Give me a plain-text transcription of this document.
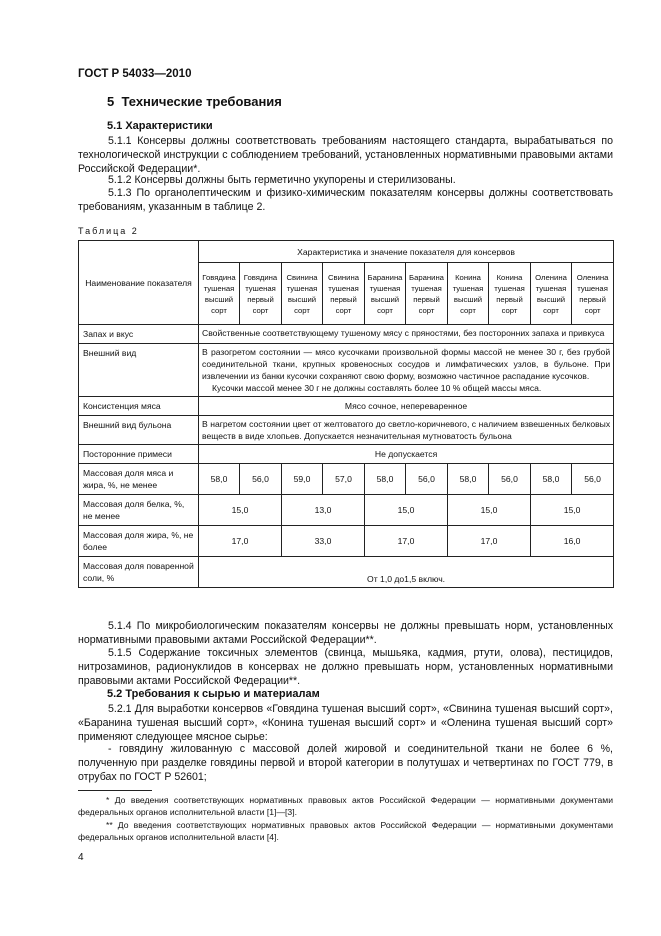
ГОСТ Р 54033—2010
5 Технические требования
5.1 Характеристики
5.1.1 Консервы должны соответствовать требованиям настоящего стандарта, вырабатываться по технологической инструкции с соблюдением требований, установленных нормативными правовыми актами Российской Федерации*.
5.1.2 Консервы должны быть герметично укупорены и стерилизованы.
5.1.3 По органолептическим и физико-химическим показателям консервы должны соответствовать требованиям, указанным в таблице 2.
Таблица 2
Наименование показателя	Характеристика и значение показателя для консервов									
	Говядина тушеная высший сорт	Говядина тушеная первый сорт	Свинина тушеная высший сорт	Свинина тушеная первый сорт	Баранина тушеная высший сорт	Баранина тушеная первый сорт	Конина тушеная высший сорт	Конина тушеная первый сорт	Оленина тушеная высший сорт	Оленина тушеная первый сорт
Запах и вкус	Свойственные соответствующему тушеному мясу с пряностями, без посторонних запаха и привкуса									
Внешний вид	В разогретом состоянии — мясо кусочками произвольной формы массой не менее 30 г, без грубой соединительной ткани, крупных кровеносных сосудов и лимфатических узлов, в бульоне. При извлечении из банки кусочки сохраняют свою форму, возможно частичное распадание кусочков.
Кусочки массой менее 30 г не должны составлять более 10 % общей массы мяса.									

Консистенция мяса	Мясо сочное, непереваренное									
Внешний вид бульона	В нагретом состоянии цвет от желтоватого до светло-коричневого, с наличием взвешенных белковых веществ в виде хлопьев. Допускается незначительная мутноватость бульона									
Посторонние примеси	Не допускается									
Массовая доля мяса и жира, %, не менее	58,0	56,0	59,0	57,0	58,0	56,0	58,0	56,0	58,0	56,0
Массовая доля белка, %, не менее	15,0		13,0		15,0		15,0		15,0	
Массовая доля жира, %, не более	17,0		33,0		17,0		17,0		16,0	
Массовая доля поваренной соли, %	От 1,0 до1,5 включ.									
5.1.4 По микробиологическим показателям консервы не должны превышать норм, установленных нормативными правовыми актами Российской Федерации**.
5.1.5 Содержание токсичных элементов (свинца, мышьяка, кадмия, ртути, олова), пестицидов, нитрозаминов, радионуклидов в консервах не должно превышать норм, установленных нормативными правовыми актами Российской Федерации**.
5.2 Требования к сырью и материалам
5.2.1 Для выработки консервов «Говядина тушеная высший сорт», «Свинина тушеная высший сорт», «Баранина тушеная высший сорт», «Конина тушеная высший сорт» и «Оленина тушеная высший сорт» применяют следующее мясное сырье:
- говядину жилованную с массовой долей жировой и соединительной ткани не более 6 %, полученную при разделке говядины первой и второй категории в полутушах и четвертинах по ГОСТ 779, в отрубах по ГОСТ Р 52601;
* До введения соответствующих нормативных правовых актов Российской Федерации — нормативными документами федеральных органов исполнительной власти [1]—[3].
** До введения соответствующих нормативных правовых актов Российской Федерации — нормативными документами федеральных органов исполнительной власти [4].
4
